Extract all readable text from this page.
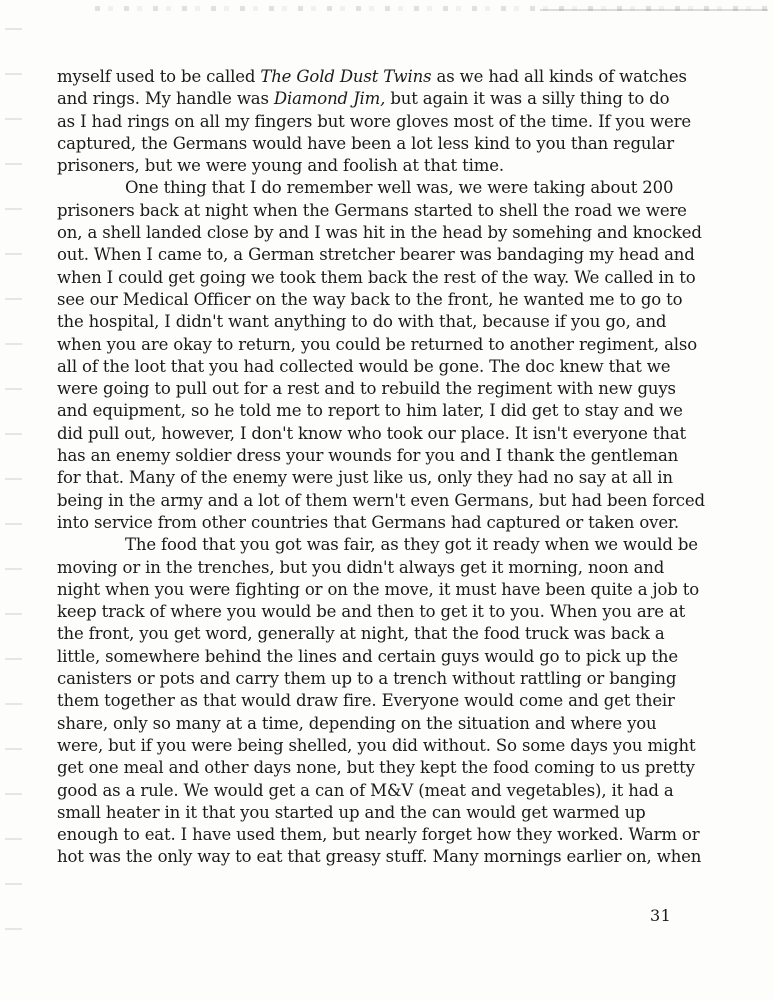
myself used to be called The Gold Dust Twins as we had all kinds of watches
and rings. My handle was Diamond Jim, but again it was a silly thing to do
as I had rings on all my fingers but wore gloves most of the time. If you were
captured, the Germans would have been a lot less kind to you than regular
prisoners, but we were young and foolish at that time.
One thing that I do remember well was, we were taking about 200
prisoners back at night when the Germans started to shell the road we were
on, a shell landed close by and I was hit in the head by somehing and knocked
out. When I came to, a German stretcher bearer was bandaging my head and
when I could get going we took them back the rest of the way. We called in to
see our Medical Officer on the way back to the front, he wanted me to go to
the hospital, I didn't want anything to do with that, because if you go, and
when you are okay to return, you could be returned to another regiment, also
all of the loot that you had collected would be gone. The doc knew that we
were going to pull out for a rest and to rebuild the regiment with new guys
and equipment, so he told me to report to him later, I did get to stay and we
did pull out, however, I don't know who took our place. It isn't everyone that
has an enemy soldier dress your wounds for you and I thank the gentleman
for that. Many of the enemy were just like us, only they had no say at all in
being in the army and a lot of them wern't even Germans, but had been forced
into service from other countries that Germans had captured or taken over.
The food that you got was fair, as they got it ready when we would be
moving or in the trenches, but you didn't always get it morning, noon and
night when you were fighting or on the move, it must have been quite a job to
keep track of where you would be and then to get it to you. When you are at
the front, you get word, generally at night, that the food truck was back a
little, somewhere behind the lines and certain guys would go to pick up the
canisters or pots and carry them up to a trench without rattling or banging
them together as that would draw fire. Everyone would come and get their
share, only so many at a time, depending on the situation and where you
were, but if you were being shelled, you did without. So some days you might
get one meal and other days none, but they kept the food coming to us pretty
good as a rule. We would get a can of M&V (meat and vegetables), it had a
small heater in it that you started up and the can would get warmed up
enough to eat. I have used them, but nearly forget how they worked. Warm or
hot was the only way to eat that greasy stuff. Many mornings earlier on, when
31
